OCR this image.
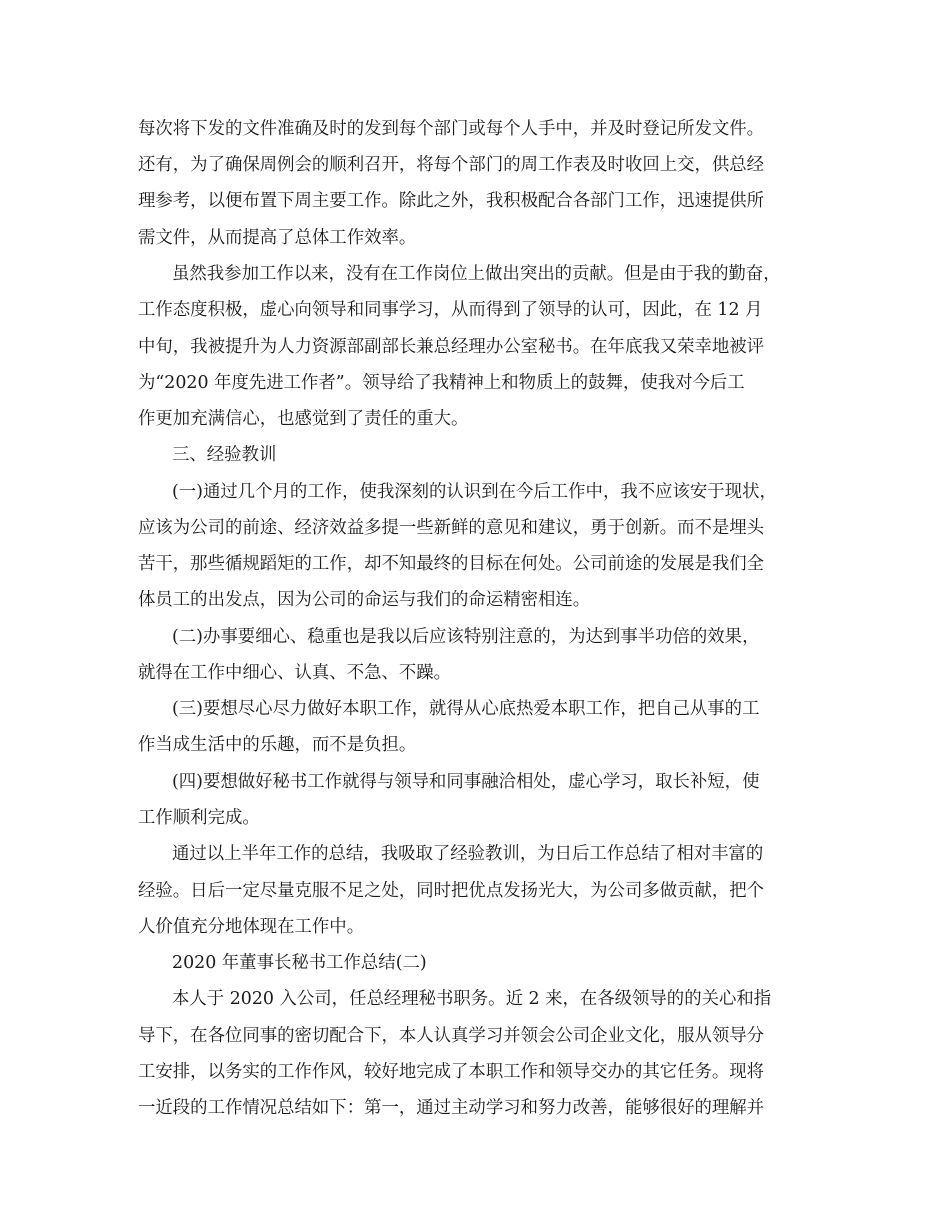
每次将下发的文件准确及时的发到每个部门或每个人手中，并及时登记所发文件。
还有，为了确保周例会的顺利召开，将每个部门的周工作表及时收回上交，供总经
理参考，以便布置下周主要工作。除此之外，我积极配合各部门工作，迅速提供所
需文件，从而提高了总体工作效率。
虽然我参加工作以来，没有在工作岗位上做出突出的贡献。但是由于我的勤奋，
工作态度积极，虚心向领导和同事学习，从而得到了领导的认可，因此，在 12 月
中旬，我被提升为人力资源部副部长兼总经理办公室秘书。在年底我又荣幸地被评
为“2020 年度先进工作者”。领导给了我精神上和物质上的鼓舞，使我对今后工
作更加充满信心，也感觉到了责任的重大。
三、经验教训
(一)通过几个月的工作，使我深刻的认识到在今后工作中，我不应该安于现状，
应该为公司的前途、经济效益多提一些新鲜的意见和建议，勇于创新。而不是埋头
苦干，那些循规蹈矩的工作，却不知最终的目标在何处。公司前途的发展是我们全
体员工的出发点，因为公司的命运与我们的命运精密相连。
(二)办事要细心、稳重也是我以后应该特别注意的，为达到事半功倍的效果，
就得在工作中细心、认真、不急、不躁。
(三)要想尽心尽力做好本职工作，就得从心底热爱本职工作，把自己从事的工
作当成生活中的乐趣，而不是负担。
(四)要想做好秘书工作就得与领导和同事融洽相处，虚心学习，取长补短，使
工作顺利完成。
通过以上半年工作的总结，我吸取了经验教训，为日后工作总结了相对丰富的
经验。日后一定尽量克服不足之处，同时把优点发扬光大，为公司多做贡献，把个
人价值充分地体现在工作中。
2020 年董事长秘书工作总结(二)
本人于 2020 入公司，任总经理秘书职务。近 2 来，在各级领导的的关心和指
导下，在各位同事的密切配合下，本人认真学习并领会公司企业文化，服从领导分
工安排，以务实的工作作风，较好地完成了本职工作和领导交办的其它任务。现将
一近段的工作情况总结如下：第一，通过主动学习和努力改善，能够很好的理解并
